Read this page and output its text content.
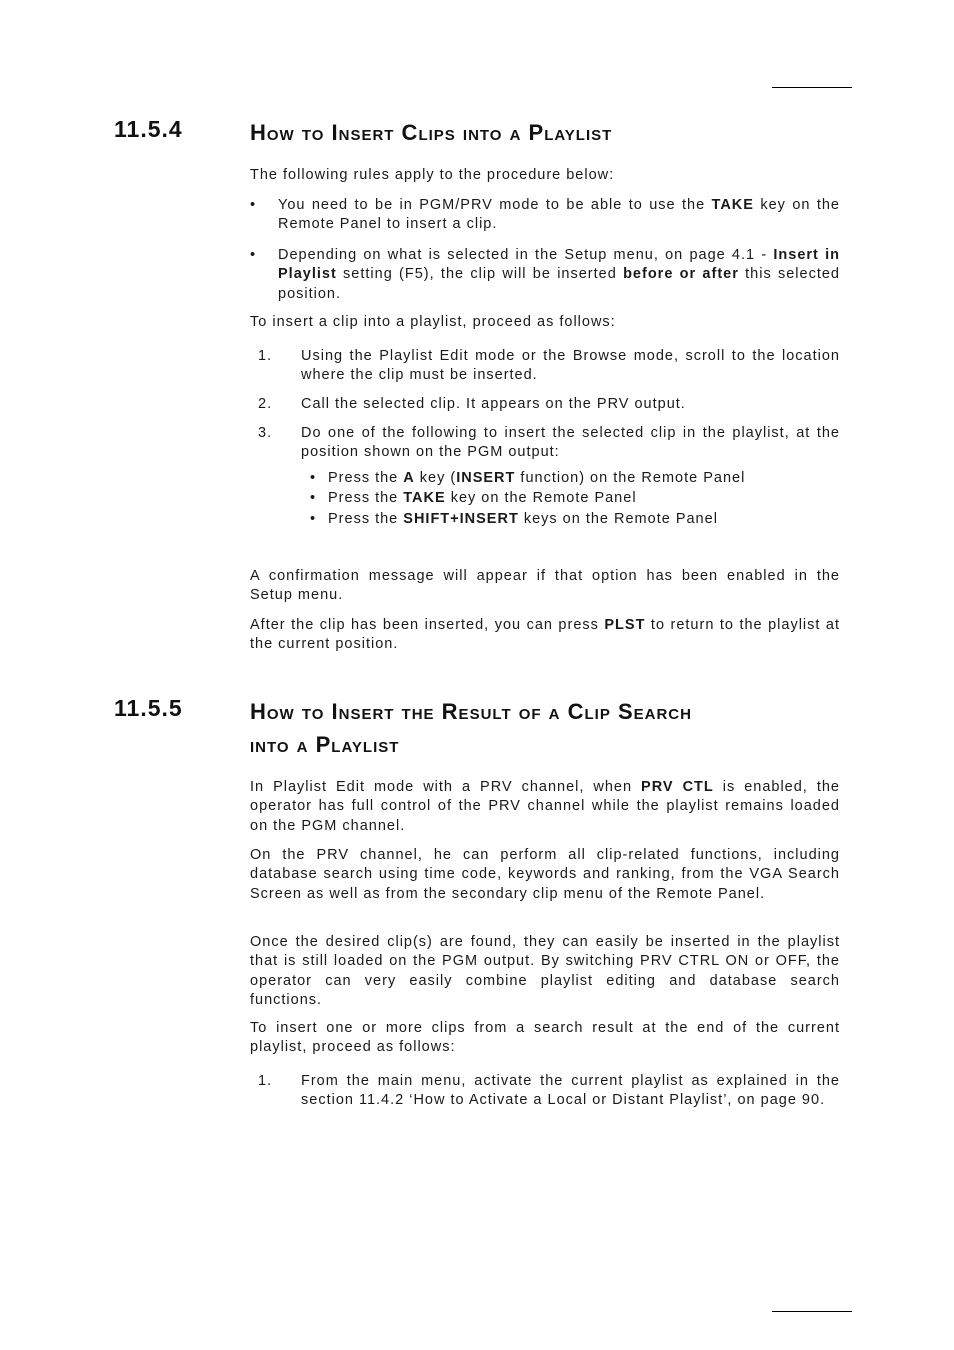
11.5.4	How to Insert Clips into a Playlist

The following rules apply to the procedure below:

•	You need to be in PGM/PRV mode to be able to use the TAKE key on the Remote Panel to insert a clip.
•	Depending on what is selected in the Setup menu, on page 4.1 - Insert in Playlist setting (F5), the clip will be inserted before or after this selected position.

To insert a clip into a playlist, proceed as follows:

1. Using the Playlist Edit mode or the Browse mode, scroll to the location where the clip must be inserted.
2. Call the selected clip. It appears on the PRV output.
3. Do one of the following to insert the selected clip in the playlist, at the position shown on the PGM output:
• Press the A key (INSERT function) on the Remote Panel
• Press the TAKE key on the Remote Panel
• Press the SHIFT+INSERT keys on the Remote Panel

A confirmation message will appear if that option has been enabled in the Setup menu.

After the clip has been inserted, you can press PLST to return to the playlist at the current position.

11.5.5	How to Insert the Result of a Clip Search
into a Playlist

In Playlist Edit mode with a PRV channel, when PRV CTL is enabled, the operator has full control of the PRV channel while the playlist remains loaded on the PGM channel.

On the PRV channel, he can perform all clip-related functions, including database search using time code, keywords and ranking, from the VGA Search Screen as well as from the secondary clip menu of the Remote Panel.

Once the desired clip(s) are found, they can easily be inserted in the playlist that is still loaded on the PGM output. By switching PRV CTRL ON or OFF, the operator can very easily combine playlist editing and database search functions.

To insert one or more clips from a search result at the end of the current playlist, proceed as follows:

1. From the main menu, activate the current playlist as explained in the section 11.4.2 ‘How to Activate a Local or Distant Playlist’, on page 90.
